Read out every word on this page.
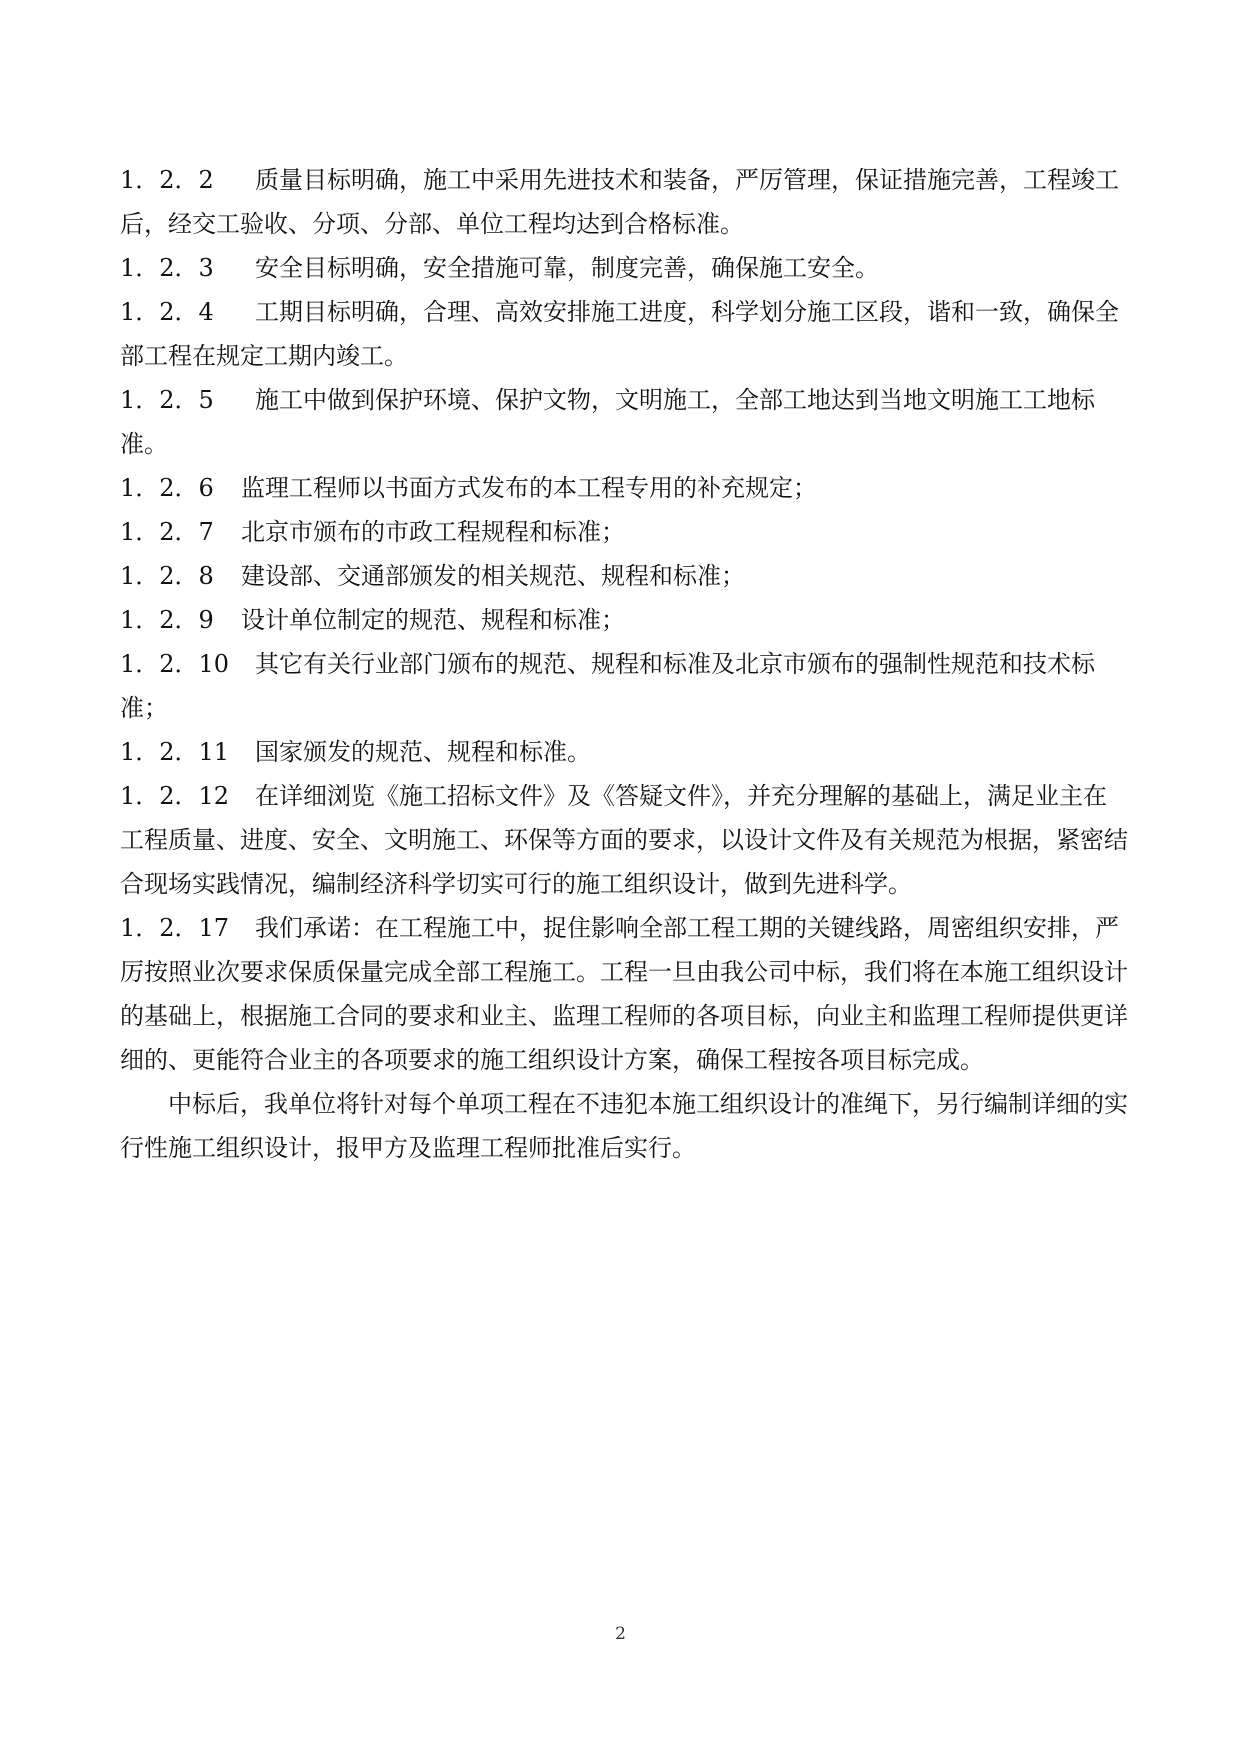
1．2．2 质量目标明确，施工中采用先进技术和装备，严厉管理，保证措施完善，工程竣工后，经交工验收、分项、分部、单位工程均达到合格标准。
1．2．3	安全目标明确，安全措施可靠，制度完善，确保施工安全。
1．2．4 工期目标明确，合理、高效安排施工进度，科学划分施工区段，谐和一致，确保全部工程在规定工期内竣工。
1．2．5 施工中做到保护环境、保护文物，文明施工，全部工地达到当地文明施工工地标准。
1．2．6	监理工程师以书面方式发布的本工程专用的补充规定；
1．2．7	北京市颁布的市政工程规程和标准；
1．2．8	建设部、交通部颁发的相关规范、规程和标准；
1．2．9	设计单位制定的规范、规程和标准；
1．2．10 其它有关行业部门颁布的规范、规程和标准及北京市颁布的强制性规范和技术标准；
1．2．11	国家颁发的规范、规程和标准。
1．2．12 在详细浏览《施工招标文件》及《答疑文件》，并充分理解的基础上，满足业主在工程质量、进度、安全、文明施工、环保等方面的要求，以设计文件及有关规范为根据，紧密结合现场实践情况，编制经济科学切实可行的施工组织设计，做到先进科学。
1．2．17 我们承诺：在工程施工中，捉住影响全部工程工期的关键线路，周密组织安排，严厉按照业次要求保质保量完成全部工程施工。工程一旦由我公司中标，我们将在本施工组织设计的基础上，根据施工合同的要求和业主、监理工程师的各项目标，向业主和监理工程师提供更详细的、更能符合业主的各项要求的施工组织设计方案，确保工程按各项目标完成。

中标后，我单位将针对每个单项工程在不违犯本施工组织设计的准绳下，另行编制详细的实行性施工组织设计，报甲方及监理工程师批准后实行。

2
